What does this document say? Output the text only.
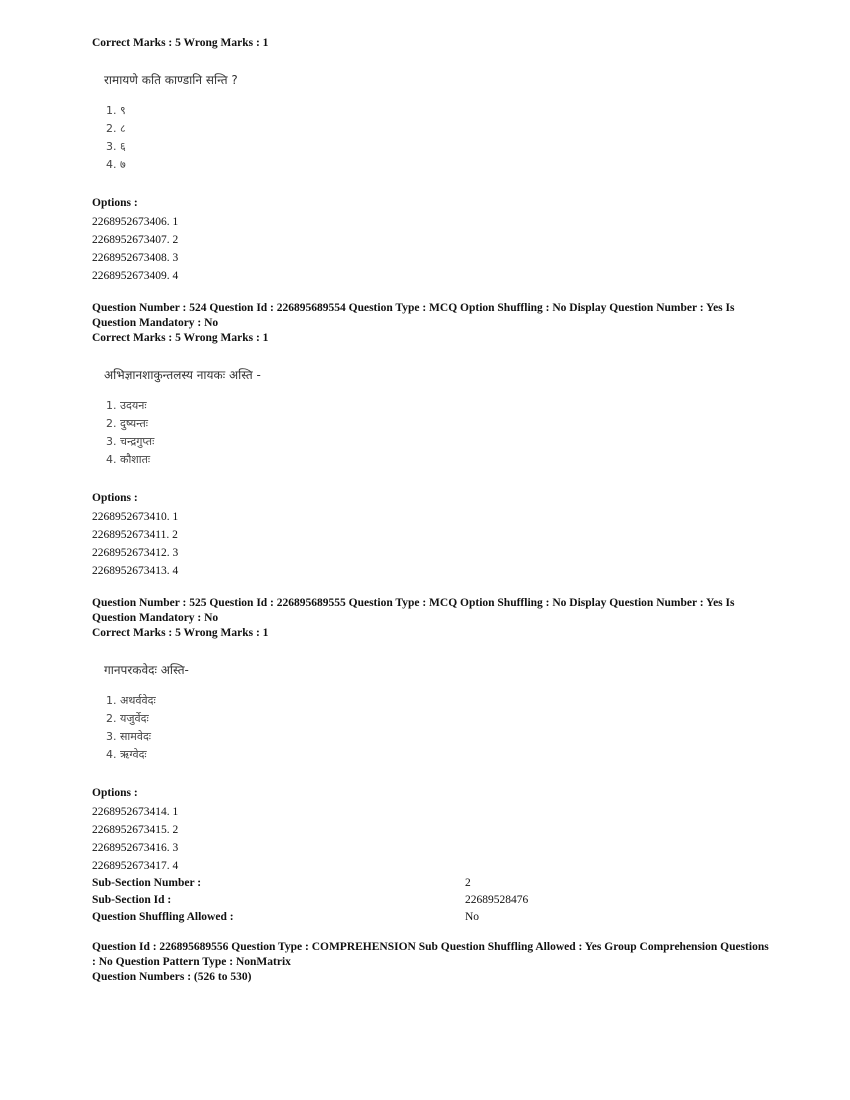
Correct Marks : 5 Wrong Marks : 1

रामायणे कति काण्डानि सन्ति ?
1. ९
2. ८
3. ६
4. ७
Options :
2268952673406. 1
2268952673407. 2
2268952673408. 3
2268952673409. 4

Question Number : 524 Question Id : 226895689554 Question Type : MCQ Option Shuffling : No Display Question Number : Yes Is Question Mandatory : No

Correct Marks : 5 Wrong Marks : 1

अभिज्ञानशाकुन्तलस्य नायकः अस्ति -
1. उदयनः
2. दुष्यन्तः
3. चन्द्रगुप्तः
4. कौशातः
Options :
2268952673410. 1
2268952673411. 2
2268952673412. 3
2268952673413. 4

Question Number : 525 Question Id : 226895689555 Question Type : MCQ Option Shuffling : No Display Question Number : Yes Is Question Mandatory : No

Correct Marks : 5 Wrong Marks : 1

गानपरकवेदः अस्ति-
1. अथर्ववेदः
2. यजुर्वेदः
3. सामवेदः
4. ऋग्वेदः
Options :
2268952673414. 1
2268952673415. 2
2268952673416. 3
2268952673417. 4
Sub-Section Number :	2
Sub-Section Id :	22689528476
Question Shuffling Allowed :	No

Question Id : 226895689556 Question Type : COMPREHENSION Sub Question Shuffling Allowed : Yes Group Comprehension Questions : No Question Pattern Type : NonMatrix

Question Numbers : (526 to 530)
